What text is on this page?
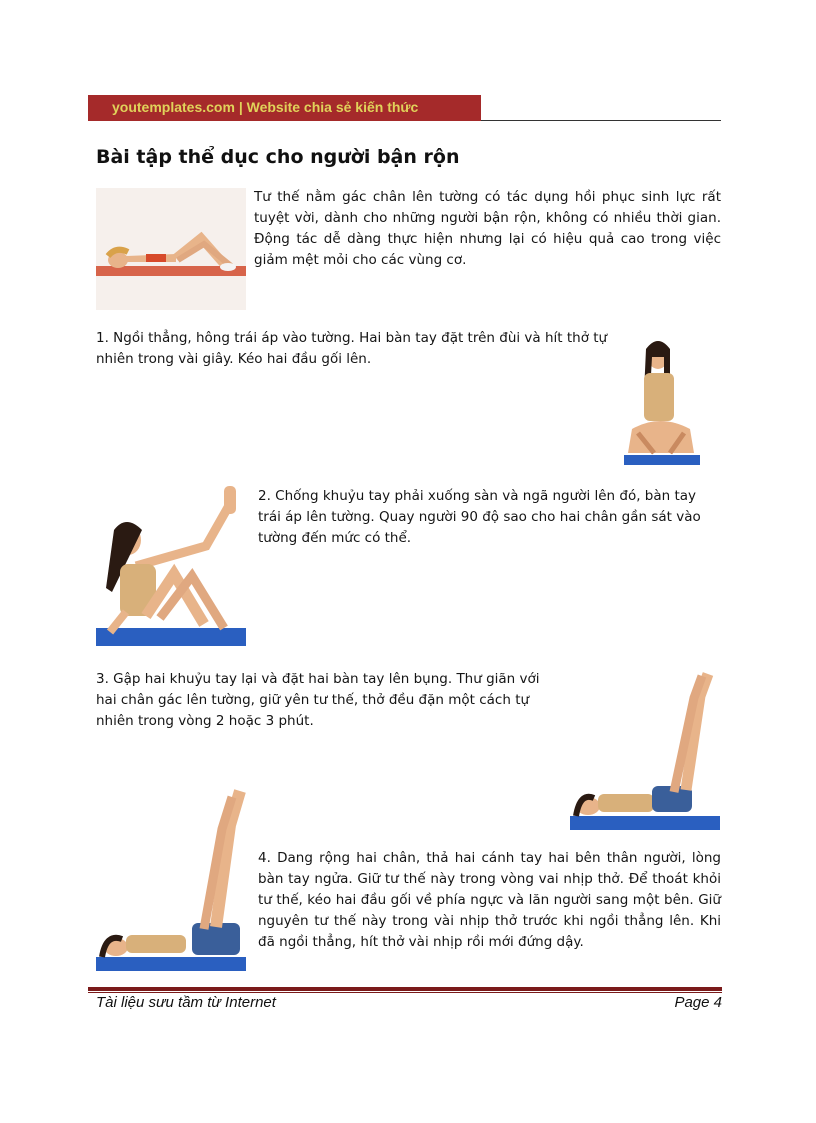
youtemplates.com | Website chia sẻ kiến thức
Bài tập thể dục cho người bận rộn
Tư thế nằm gác chân lên tường có tác dụng hồi phục sinh lực rất tuyệt vời, dành cho những người bận rộn, không có nhiều thời gian. Động tác dễ dàng thực hiện nhưng lại có hiệu quả cao trong việc giảm mệt mỏi cho các vùng cơ.
1. Ngồi thẳng, hông trái áp vào tường. Hai bàn tay đặt trên đùi và hít thở tự nhiên trong vài giây. Kéo hai đầu gối lên.
2. Chống khuỷu tay phải xuống sàn và ngã người lên đó, bàn tay trái áp lên tường. Quay người 90 độ sao cho hai chân gần sát vào tường đến mức có thể.
3. Gập hai khuỷu tay lại và đặt hai bàn tay lên bụng. Thư giãn với hai chân gác lên tường, giữ yên tư thế, thở đều đặn một cách tự nhiên trong vòng 2 hoặc 3 phút.
4. Dang rộng hai chân, thả hai cánh tay hai bên thân người, lòng bàn tay ngửa. Giữ tư thế này trong vòng vai nhịp thở. Để thoát khỏi tư thế, kéo hai đầu gối về phía ngực và lăn người sang một bên. Giữ nguyên tư thế này trong vài nhịp thở trước khi ngồi thẳng lên. Khi đã ngồi thẳng, hít thở vài nhịp rồi mới đứng dậy.
Tài liệu sưu tầm từ Internet	Page 4
